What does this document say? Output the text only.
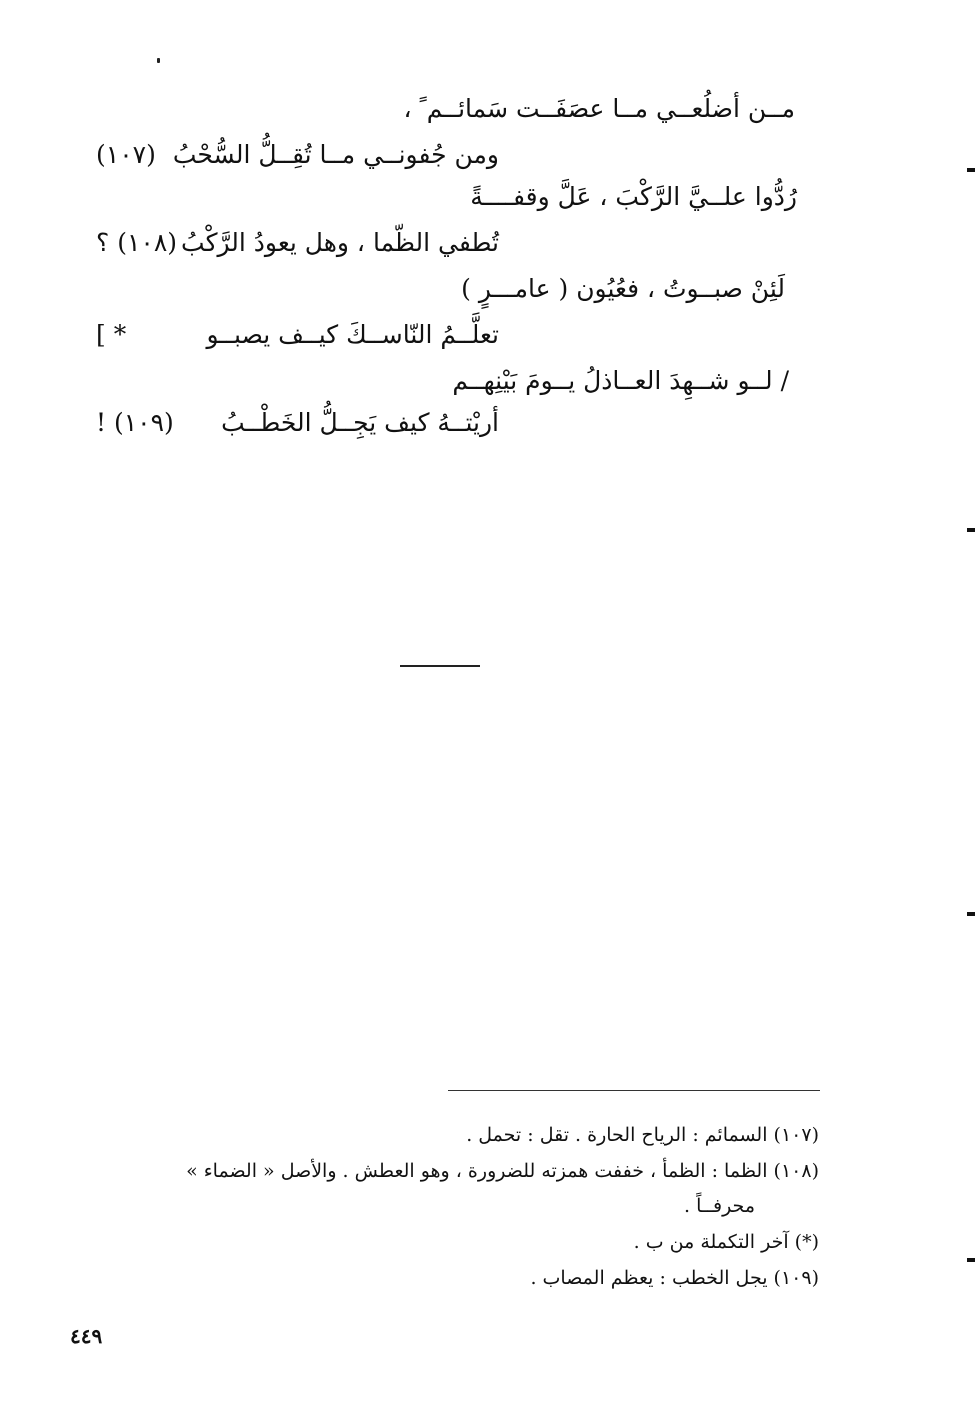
مــن أضلُعــي مــا عصَفَــت سَمائــم ً ،
ومن جُفونــي مــا تُقِــلُّ السُّحْبُ
(١٠٧)
رُدُّوا علــيَّ الرَّكْبَ ، عَلَّ وقفــــةً
تُطفي الظّما ، وهل يعودُ الرَّكْبُ
(١٠٨) ؟
لَئِنْ صبــوتُ ، فعُيُون ( عامـــرٍ )
تعلَّــمُ النّاســكَ كيــف يصبــو
* ]
/ لــو شــهِدَ العــاذلُ يــومَ بَيْنِهــم
أريْتــهُ كيف يَجِــلُّ الخَطْــبُ
(١٠٩) !
(١٠٧) السمائم : الرياح الحارة . تقل : تحمل .
(١٠٨) الظما : الظمأ ، خففت همزته للضرورة ، وهو العطش . والأصل « الضماء »
محرفــاً .
(*) آخر التكملة من ب .
(١٠٩) يجل الخطب : يعظم المصاب .
٤٤٩
